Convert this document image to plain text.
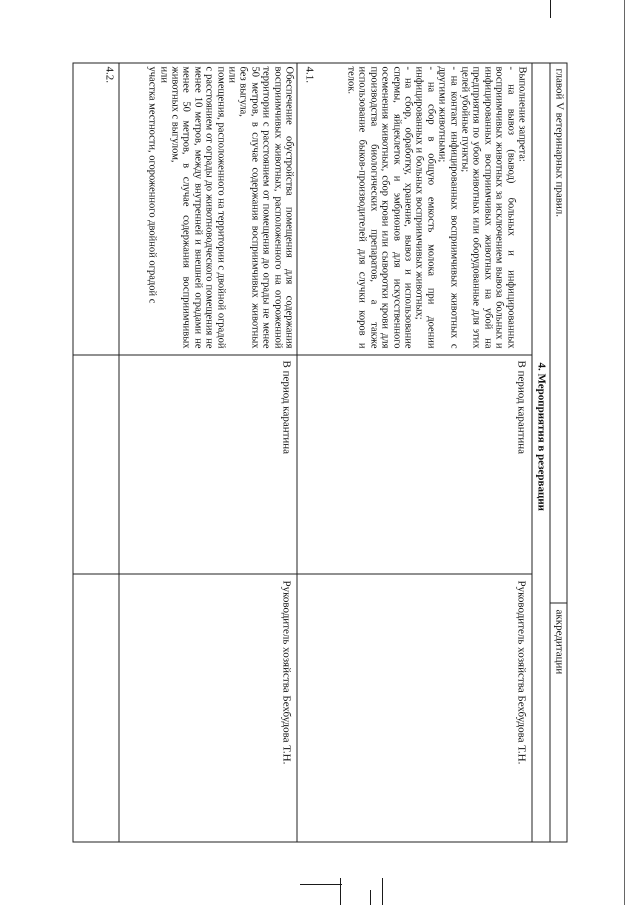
главой V ветеринарных правил.
аккредитации
4. Мероприятия в резервации

Выполнение запрета:

- на вывоз (вывод) больных и инфицированных восприимчивых животных за исключением вывоза больных и инфицированных восприимчивых животных на убой на предприятия по убою животных или оборудованные для этих целей убойные пункты;

- на контакт инфицированных восприимчивых животных с другими животными;

- на сбор в общую емкость молока при доении инфицированных и больных восприимчивых животных;

- на сбор, обработку, хранение, вывоз и использование спермы, яйцеклеток и эмбрионов для искусственного осеменения животных, сбор крови или сыворотки крови для производства биологических препаратов, а также использование быков-производителей для случки коров и телок.

В период карантина
Руководитель хозяйства Бехбудова Т.Н.
4.1.

Обеспечение обустройства помещения для содержания восприимчивых животных, расположенного на огороженной территории с расстоянием от помещения до ограды не менее 50 метров, в случае содержания восприимчивых животных без выгула,

или

помещения, расположенного на территории с двойной оградой с расстоянием от ограды до животноводческого помещения не менее 10 метров, между внутренней и внешней оградами не менее 50 метров, в случае содержания восприимчивых животных с выгулом,

или

участка местности, огороженного двойной оградой с

В период карантина
Руководитель хозяйства Бехбудова Т.Н.
4.2.
